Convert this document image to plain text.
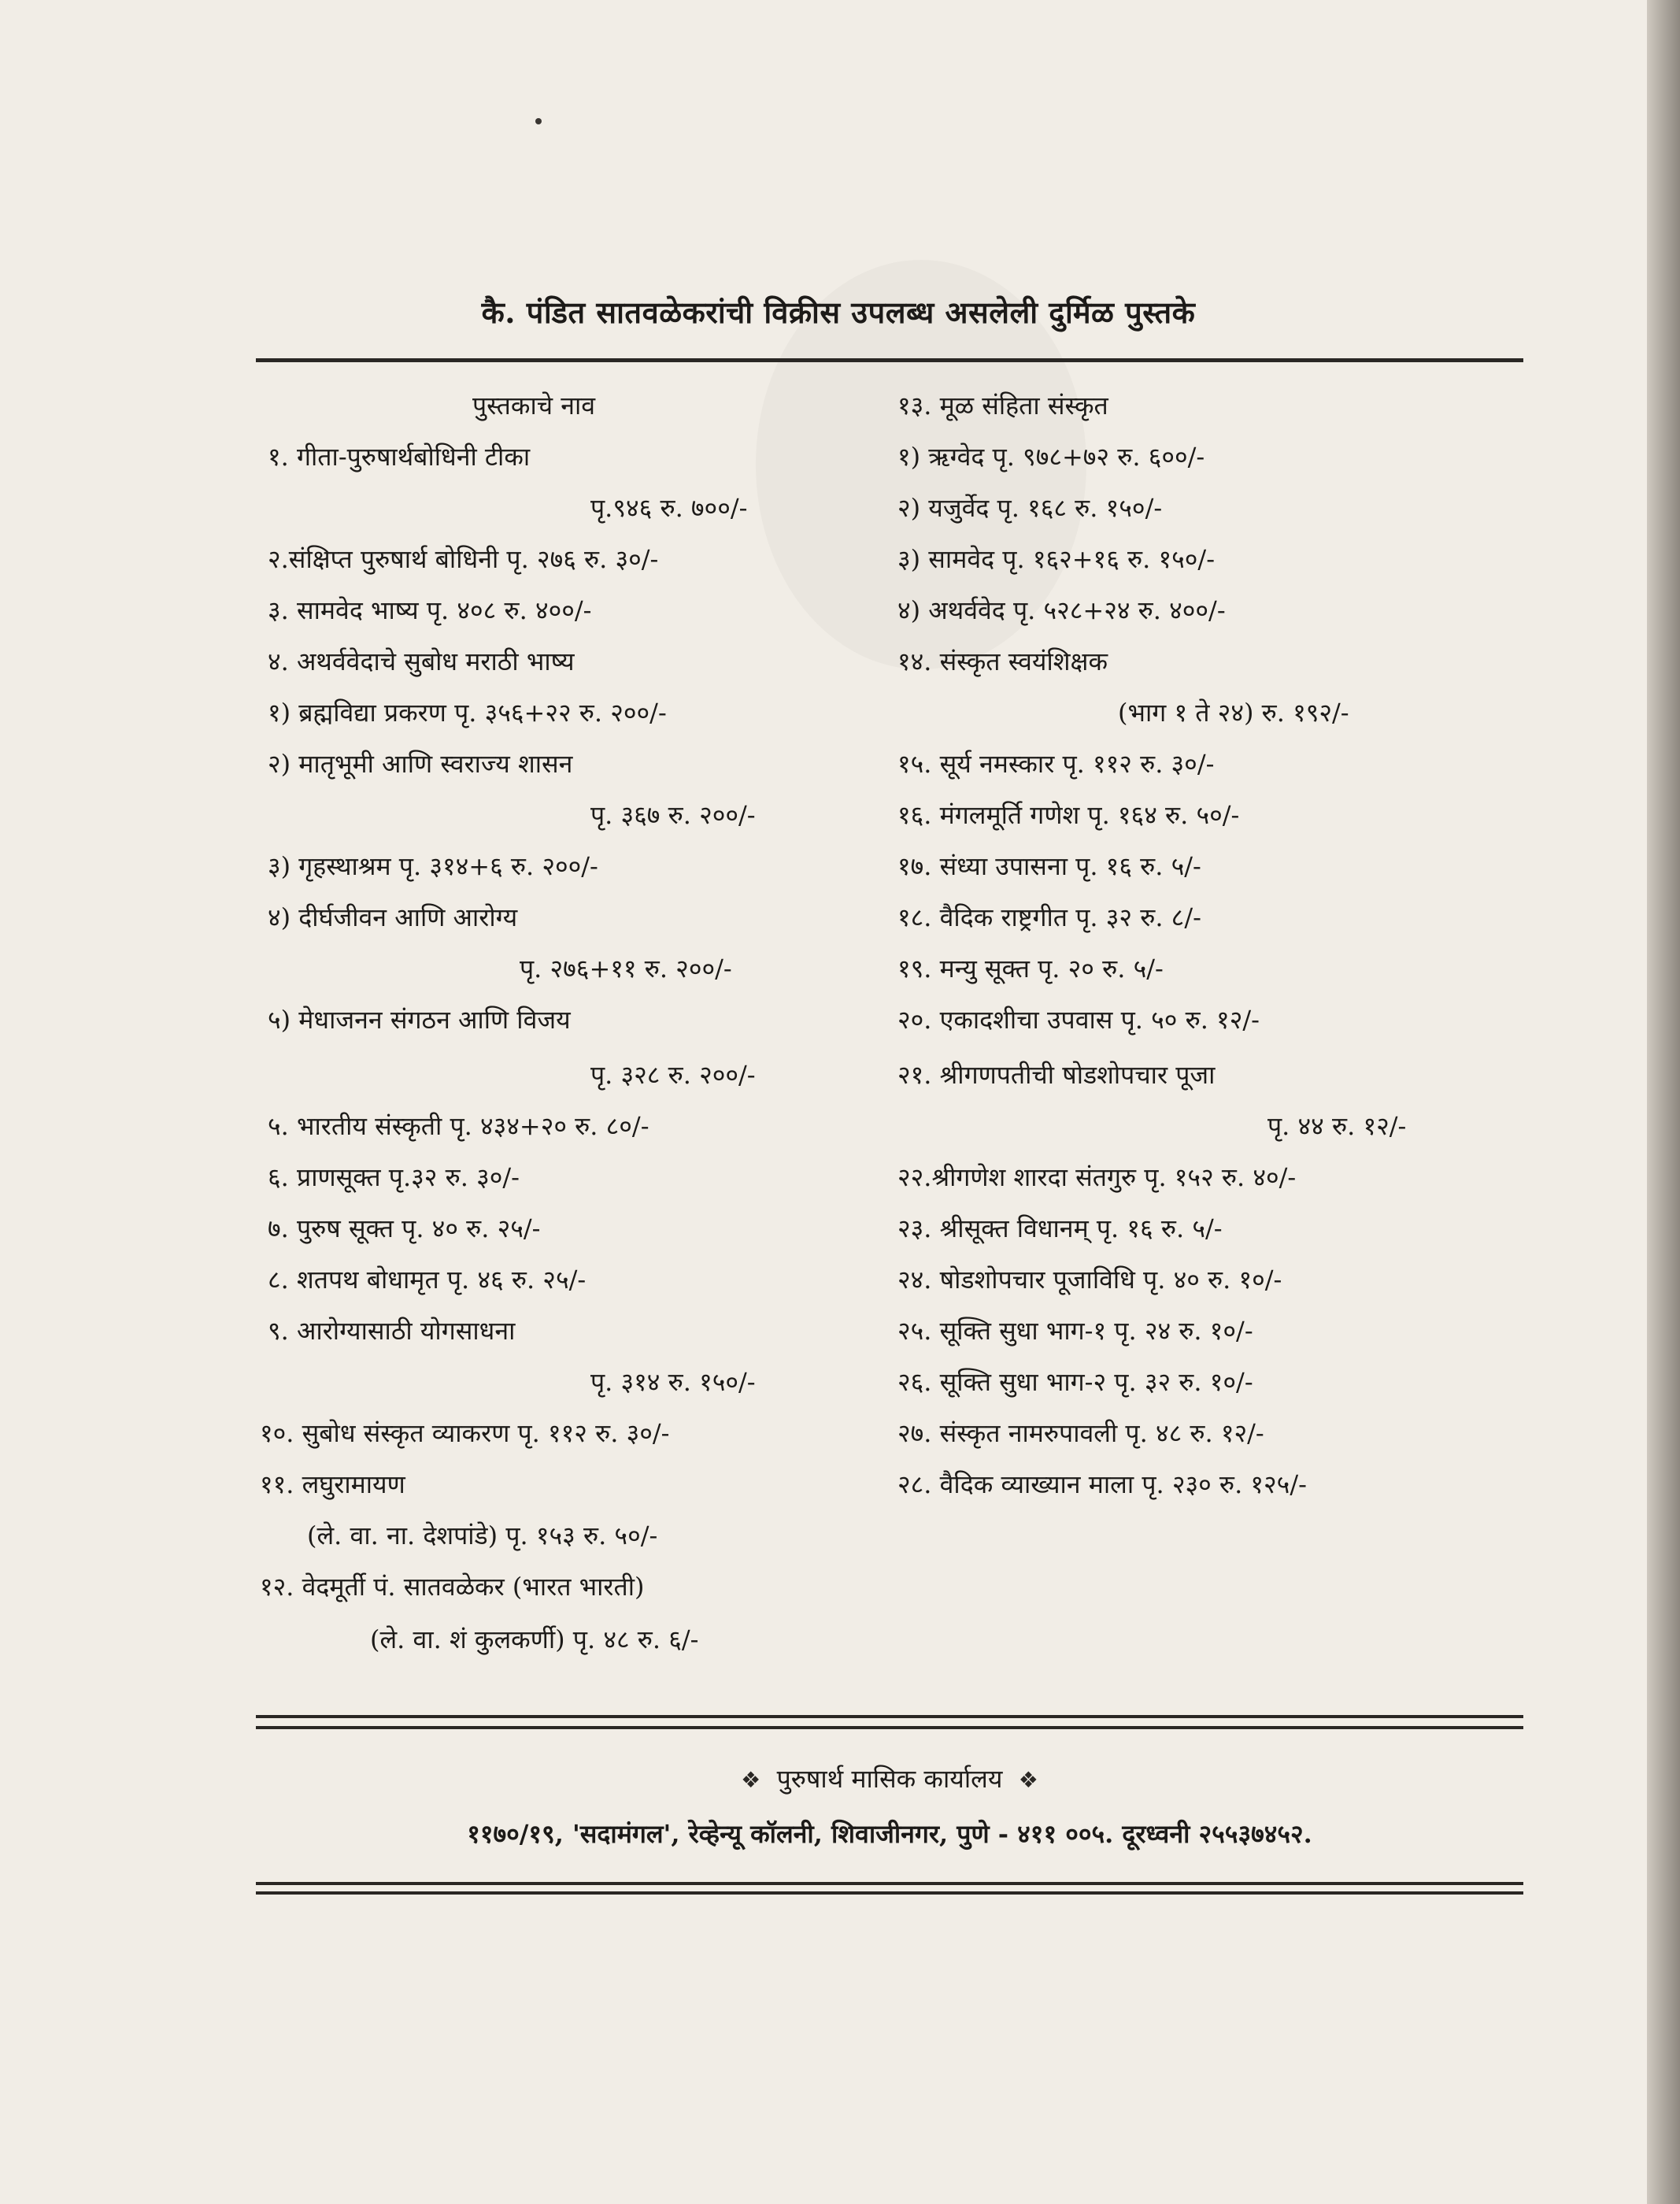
कै. पंडित सातवळेकरांची विक्रीस उपलब्ध असलेली दुर्मिळ पुस्तके
पुस्तकाचे नाव
१. गीता-पुरुषार्थबोधिनी टीका
पृ.९४६ रु. ७००/-
२.संक्षिप्त पुरुषार्थ बोधिनी पृ. २७६ रु. ३०/-
३. सामवेद भाष्य पृ. ४०८ रु. ४००/-
४. अथर्ववेदाचे सुबोध मराठी भाष्य
१) ब्रह्मविद्या प्रकरण पृ. ३५६+२२ रु. २००/-
२) मातृभूमी आणि स्वराज्य शासन
पृ. ३६७ रु. २००/-
३) गृहस्थाश्रम पृ. ३१४+६ रु. २००/-
४) दीर्घजीवन आणि आरोग्य
पृ. २७६+११ रु. २००/-
५) मेधाजनन संगठन आणि विजय
पृ. ३२८ रु. २००/-
५. भारतीय संस्कृती पृ. ४३४+२० रु. ८०/-
६. प्राणसूक्त पृ.३२ रु. ३०/-
७. पुरुष सूक्त पृ. ४० रु. २५/-
८. शतपथ बोधामृत पृ. ४६ रु. २५/-
९. आरोग्यासाठी योगसाधना
पृ. ३१४ रु. १५०/-
१०. सुबोध संस्कृत व्याकरण पृ. ११२ रु. ३०/-
११. लघुरामायण
(ले. वा. ना. देशपांडे) पृ. १५३ रु. ५०/-
१२. वेदमूर्ती पं. सातवळेकर (भारत भारती)
(ले. वा. शं कुलकर्णी) पृ. ४८ रु. ६/-
१३. मूळ संहिता संस्कृत
१) ऋग्वेद पृ. ९७८+७२ रु. ६००/-
२) यजुर्वेद पृ. १६८ रु. १५०/-
३) सामवेद पृ. १६२+१६ रु. १५०/-
४) अथर्ववेद पृ. ५२८+२४ रु. ४००/-
१४. संस्कृत स्वयंशिक्षक
(भाग १ ते २४) रु. १९२/-
१५. सूर्य नमस्कार पृ. ११२ रु. ३०/-
१६. मंगलमूर्ति गणेश पृ. १६४ रु. ५०/-
१७. संध्या उपासना पृ. १६ रु. ५/-
१८. वैदिक राष्ट्रगीत पृ. ३२ रु. ८/-
१९. मन्यु सूक्त पृ. २० रु. ५/-
२०. एकादशीचा उपवास पृ. ५० रु. १२/-
२१. श्रीगणपतीची षोडशोपचार पूजा
पृ. ४४ रु. १२/-
२२.श्रीगणेश शारदा संतगुरु पृ. १५२ रु. ४०/-
२३. श्रीसूक्त विधानम् पृ. १६ रु. ५/-
२४. षोडशोपचार पूजाविधि पृ. ४० रु. १०/-
२५. सूक्ति सुधा भाग-१ पृ. २४ रु. १०/-
२६. सूक्ति सुधा भाग-२ पृ. ३२ रु. १०/-
२७. संस्कृत नामरुपावली पृ. ४८ रु. १२/-
२८. वैदिक व्याख्यान माला पृ. २३० रु. १२५/-
❖ पुरुषार्थ मासिक कार्यालय ❖
११७०/१९, 'सदामंगल', रेव्हेन्यू कॉलनी, शिवाजीनगर, पुणे - ४११ ००५. दूरध्वनी २५५३७४५२.
